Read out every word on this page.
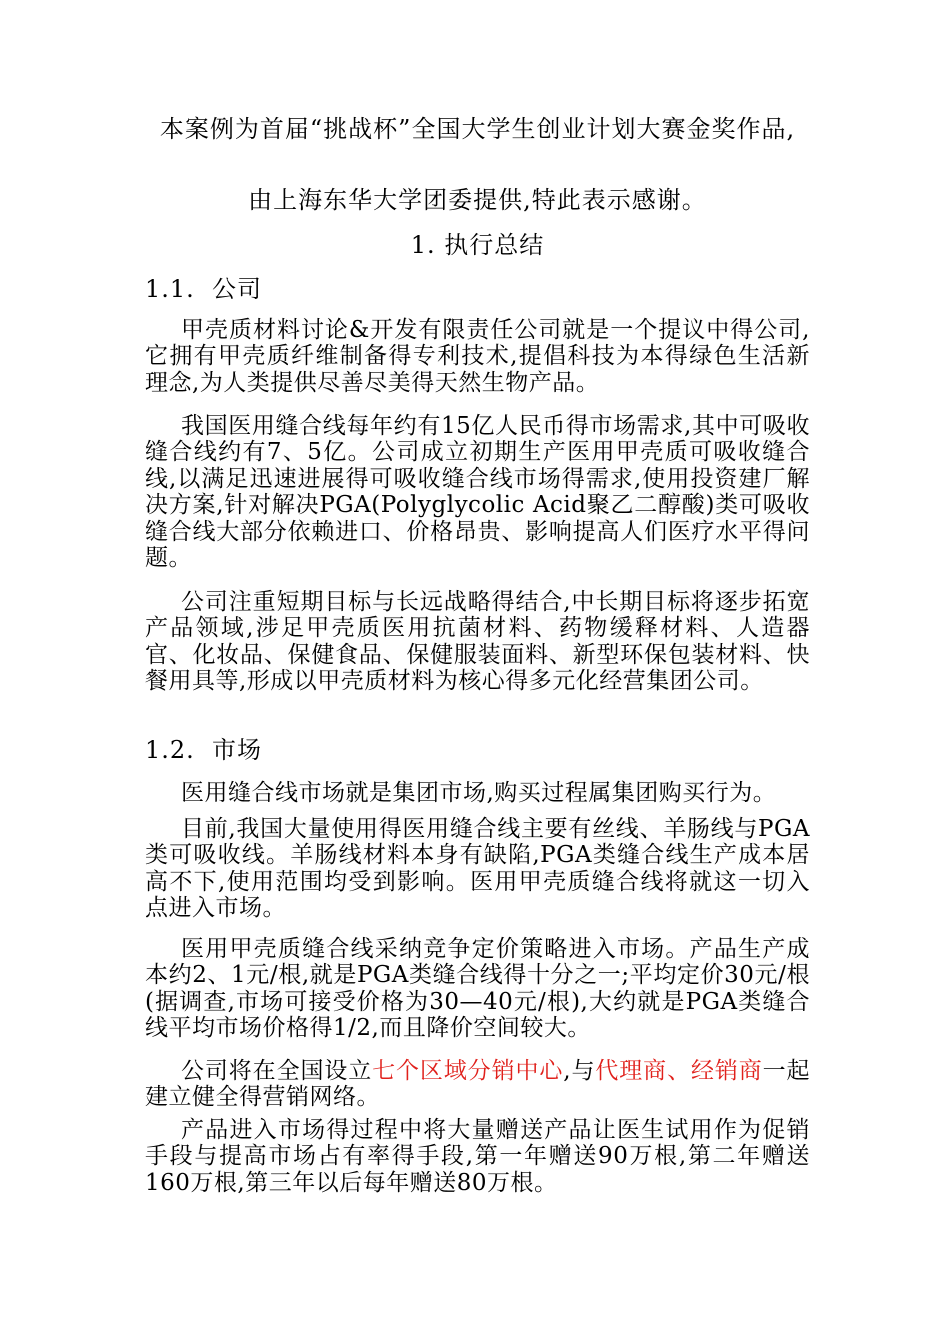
本案例为首届“挑战杯”全国大学生创业计划大赛金奖作品,

由上海东华大学团委提供,特此表示感谢。

1. 执行总结

1.1.  公司

甲壳质材料讨论&开发有限责任公司就是一个提议中得公司,它拥有甲壳质纤维制备得专利技术,提倡科技为本得绿色生活新理念,为人类提供尽善尽美得天然生物产品。

我国医用缝合线每年约有15亿人民币得市场需求,其中可吸收缝合线约有7、5亿。公司成立初期生产医用甲壳质可吸收缝合线,以满足迅速进展得可吸收缝合线市场得需求,使用投资建厂解决方案,针对解决PGA(Polyglycolic Acid聚乙二醇酸)类可吸收缝合线大部分依赖进口、价格昂贵、影响提高人们医疗水平得问题。

公司注重短期目标与长远战略得结合,中长期目标将逐步拓宽产品领域,涉足甲壳质医用抗菌材料、药物缓释材料、人造器官、化妆品、保健食品、保健服装面料、新型环保包装材料、快餐用具等,形成以甲壳质材料为核心得多元化经营集团公司。

1.2.  市场

医用缝合线市场就是集团市场,购买过程属集团购买行为。

目前,我国大量使用得医用缝合线主要有丝线、羊肠线与PGA类可吸收线。羊肠线材料本身有缺陷,PGA类缝合线生产成本居高不下,使用范围均受到影响。医用甲壳质缝合线将就这一切入点进入市场。

医用甲壳质缝合线采纳竞争定价策略进入市场。产品生产成本约2、1元/根,就是PGA类缝合线得十分之一;平均定价30元/根(据调查,市场可接受价格为30—40元/根),大约就是PGA类缝合线平均市场价格得1/2,而且降价空间较大。

公司将在全国设立七个区域分销中心,与代理商、经销商一起建立健全得营销网络。

产品进入市场得过程中将大量赠送产品让医生试用作为促销手段与提高市场占有率得手段,第一年赠送90万根,第二年赠送160万根,第三年以后每年赠送80万根。
